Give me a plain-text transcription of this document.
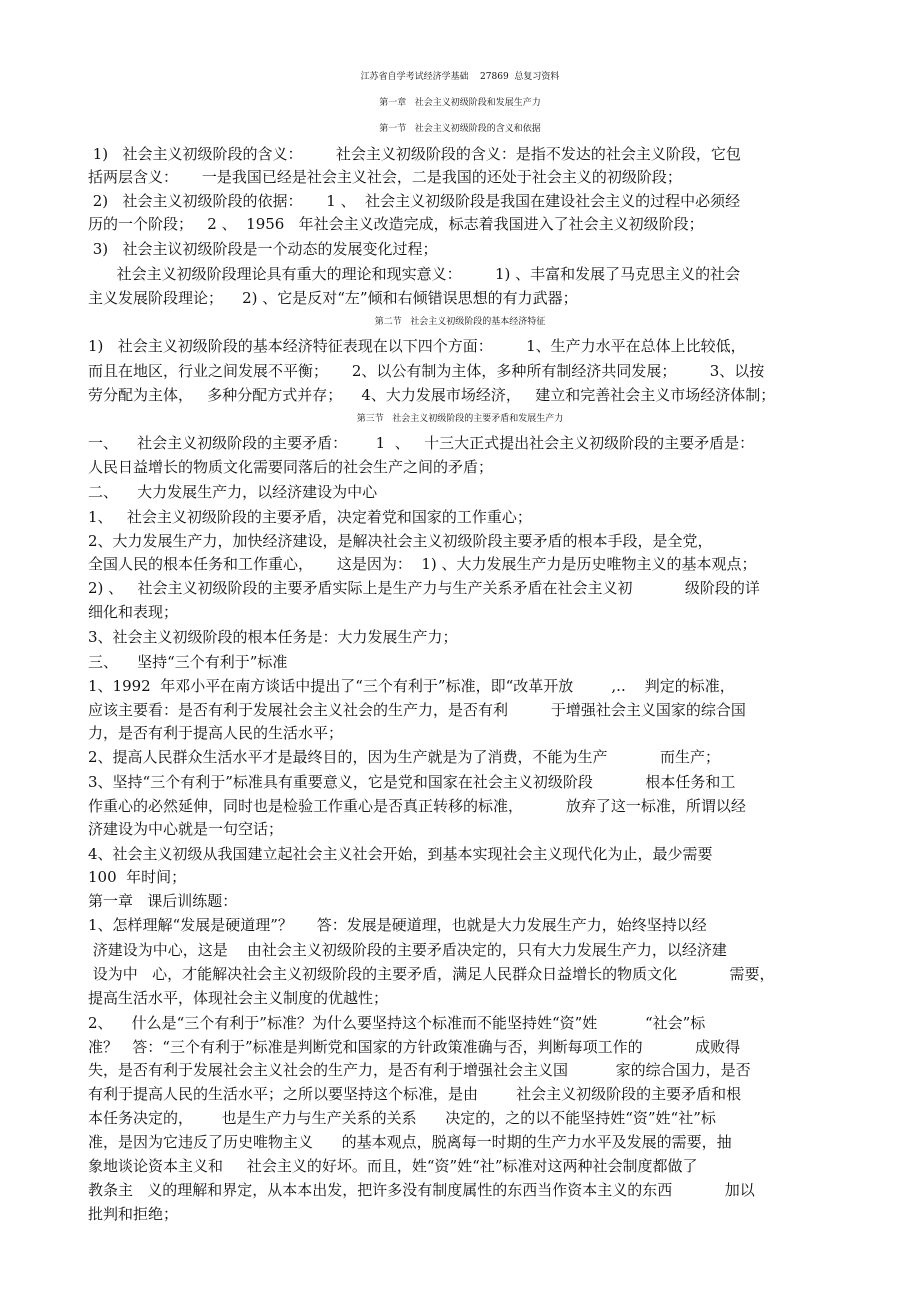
江苏省自学考试经济学基础    27869  总复习资料
第一章   社会主义初级阶段和发展生产力
第一节   社会主义初级阶段的含义和依据
1)   社会主义初级阶段的含义：       社会主义初级阶段的含义：是指不发达的社会主义阶段，它包
括两层含义：     一是我国已经是社会主义社会，二是我国的还处于社会主义的初级阶段；
2)   社会主义初级阶段的依据：     1 、  社会主义初级阶段是我国在建设社会主义的过程中必须经
历的一个阶段；   2 、  1956   年社会主义改造完成，标志着我国进入了社会主义初级阶段；
3)   社会主议初级阶段是一个动态的发展变化过程；
社会主义初级阶段理论具有重大的理论和现实意义：       1) 、丰富和发展了马克思主义的社会
主义发展阶段理论；    2) 、它是反对“左”倾和右倾错误思想的有力武器；
第二节   社会主义初级阶段的基本经济特征
1)   社会主义初级阶段的基本经济特征表现在以下四个方面：       1、生产力水平在总体上比较低，
而且在地区，行业之间发展不平衡；     2、以公有制为主体，多种所有制经济共同发展；       3、以按
劳分配为主体，   多种分配方式并存；    4、大力发展市场经济，   建立和完善社会主义市场经济体制；
第三节   社会主义初级阶段的主要矛盾和发展生产力
一、    社会主义初级阶段的主要矛盾：      1  、   十三大正式提出社会主义初级阶段的主要矛盾是：
人民日益增长的物质文化需要同落后的社会生产之间的矛盾；
二、    大力发展生产力，以经济建设为中心
1、   社会主义初级阶段的主要矛盾，决定着党和国家的工作重心；
2、大力发展生产力，加快经济建设，是解决社会主义初级阶段主要矛盾的根本手段，是全党，
全国人民的根本任务和工作重心，     这是因为：  1) 、大力发展生产力是历史唯物主义的基本观点；
2) 、   社会主义初级阶段的主要矛盾实际上是生产力与生产关系矛盾在社会主义初           级阶段的详
细化和表现；
3、社会主义初级阶段的根本任务是：大力发展生产力；
三、    坚持“三个有利于”标准
1、1992  年邓小平在南方谈话中提出了“三个有利于”标准，即“改革开放        ,..    判定的标准，
应该主要看：是否有利于发展社会主义社会的生产力，是否有利         于增强社会主义国家的综合国
力，是否有利于提高人民的生活水平；
2、提高人民群众生活水平才是最终目的，因为生产就是为了消费，不能为生产           而生产；
3、坚持“三个有利于”标准具有重要意义，它是党和国家在社会主义初级阶段           根本任务和工
作重心的必然延伸，同时也是检验工作重心是否真正转移的标准，         放弃了这一标准，所谓以经
济建设为中心就是一句空话；
4、社会主义初级从我国建立起社会主义社会开始，到基本实现社会主义现代化为止，最少需要
100  年时间；
第一章   课后训练题：
1、怎样理解“发展是硬道理”？     答：发展是硬道理，也就是大力发展生产力，始终坚持以经
济建设为中心，这是    由社会主义初级阶段的主要矛盾决定的，只有大力发展生产力，以经济建
设为中   心，才能解决社会主义初级阶段的主要矛盾，满足人民群众日益增长的物质文化           需要，
提高生活水平，体现社会主义制度的优越性；
2、    什么是“三个有利于”标准？为什么要坚持这个标准而不能坚持姓“资”姓          “社会”标
准？   答：“三个有利于”标准是判断党和国家的方针政策准确与否，判断每项工作的           成败得
失，是否有利于发展社会主义社会的生产力，是否有利于增强社会主义国          家的综合国力，是否
有利于提高人民的生活水平；之所以要坚持这个标准，是由        社会主义初级阶段的主要矛盾和根
本任务决定的，      也是生产力与生产关系的关系      决定的，之的以不能坚持姓“资”姓“社”标
准，是因为它违反了历史唯物主义      的基本观点，脱离每一时期的生产力水平及发展的需要，抽
象地谈论资本主义和     社会主义的好坏。而且，姓“资”姓“社”标准对这两种社会制度都做了
教条主   义的理解和界定，从本本出发，把许多没有制度属性的东西当作资本主义的东西           加以
批判和拒绝；
